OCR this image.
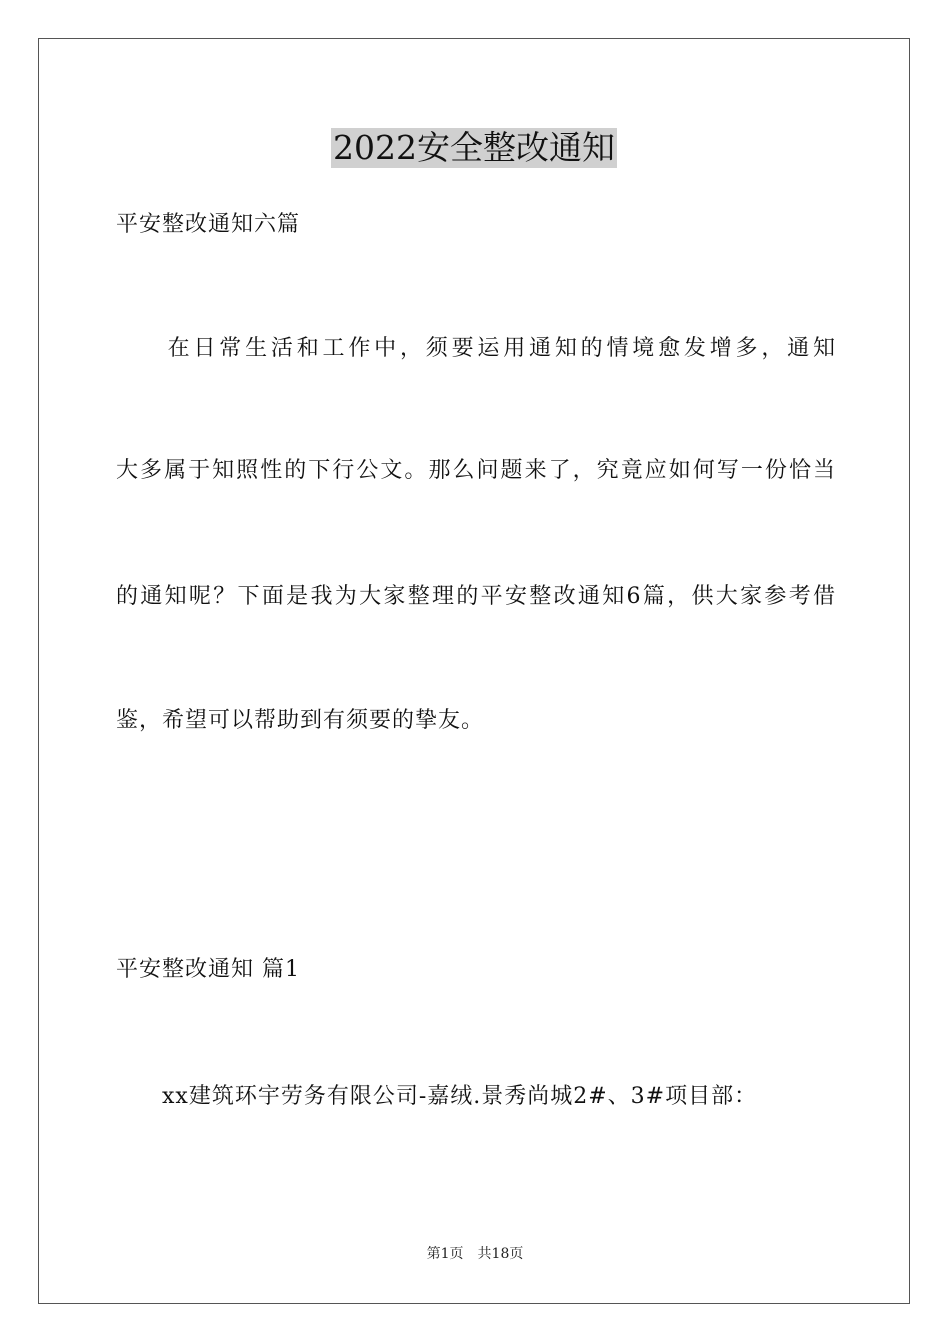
2022安全整改通知
平安整改通知六篇
　　在日常生活和工作中，须要运用通知的情境愈发增多，通知
大多属于知照性的下行公文。那么问题来了，究竟应如何写一份恰当
的通知呢？下面是我为大家整理的平安整改通知6篇，供大家参考借
鉴，希望可以帮助到有须要的挚友。
平安整改通知 篇1
xx建筑环宇劳务有限公司-嘉绒.景秀尚城2#、3#项目部：
第1页 共18页
